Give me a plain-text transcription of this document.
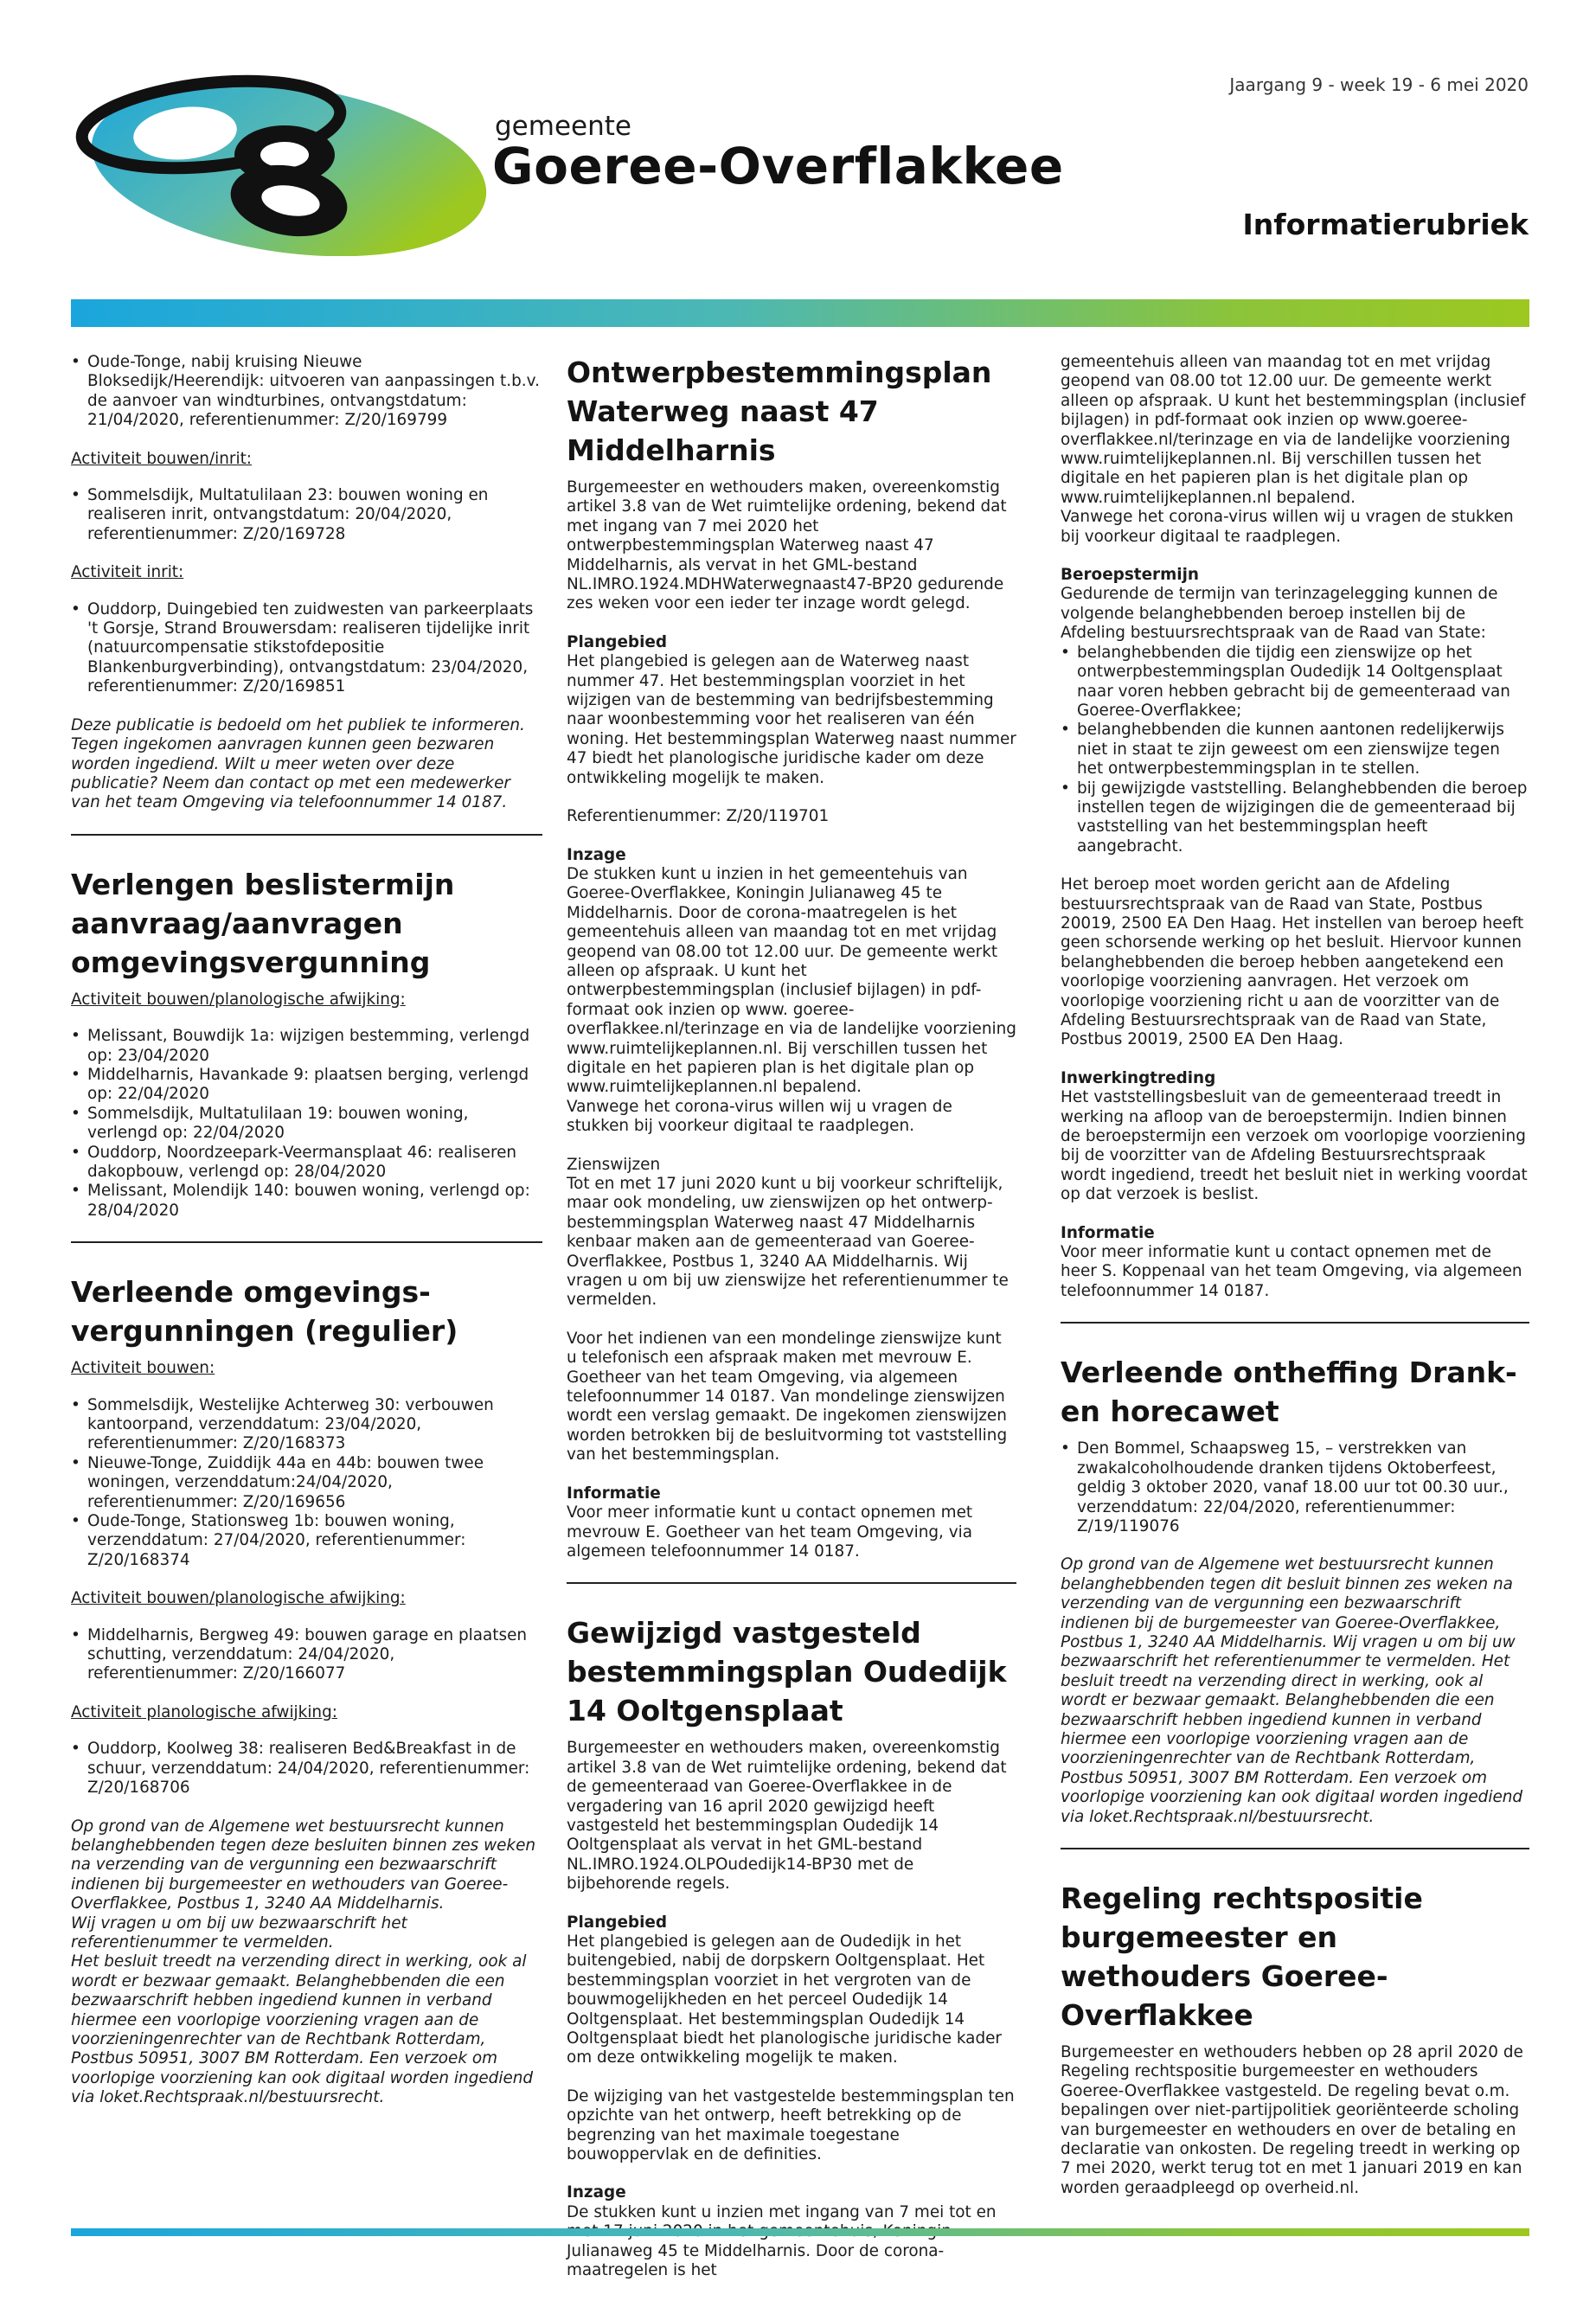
gemeente
Goeree-Overflakkee
Jaargang 9 - week 19 - 6 mei 2020
Informatierubriek
• Oude-Tonge, nabij kruising Nieuwe Bloksedijk/Heerendijk: uitvoeren van aanpassingen t.b.v. de aanvoer van windturbines, ontvangstdatum: 21/04/2020, referentienummer: Z/20/169799
Activiteit bouwen/inrit:
• Sommelsdijk, Multatulilaan 23: bouwen woning en realiseren inrit, ontvangstdatum: 20/04/2020, referentienummer: Z/20/169728
Activiteit inrit:
• Ouddorp, Duingebied ten zuidwesten van parkeerplaats 't Gorsje, Strand Brouwersdam: realiseren tijdelijke inrit (natuurcompensatie stikstofdepositie Blankenburgverbinding), ontvangstdatum: 23/04/2020, referentienummer: Z/20/169851

Deze publicatie is bedoeld om het publiek te informeren. Tegen ingekomen aanvragen kunnen geen bezwaren worden ingediend. Wilt u meer weten over deze publicatie? Neem dan contact op met een medewerker van het team Omgeving via telefoonnummer 14 0187.

Verlengen beslistermijn aanvraag/aanvragen omgevingsvergunning
Activiteit bouwen/planologische afwijking:
• Melissant, Bouwdijk 1a: wijzigen bestemming, verlengd op: 23/04/2020
• Middelharnis, Havankade 9: plaatsen berging, verlengd op: 22/04/2020
• Sommelsdijk, Multatulilaan 19: bouwen woning, verlengd op: 22/04/2020
• Ouddorp, Noordzeepark-Veermansplaat 46: realiseren dakopbouw, verlengd op: 28/04/2020
• Melissant, Molendijk 140: bouwen woning, verlengd op: 28/04/2020
Verleende omgevingsvergunningen (regulier)
Activiteit bouwen:
• Sommelsdijk, Westelijke Achterweg 30: verbouwen kantoorpand, verzenddatum: 23/04/2020, referentienummer: Z/20/168373
• Nieuwe-Tonge, Zuiddijk 44a en 44b: bouwen twee woningen, verzenddatum:24/04/2020, referentienummer: Z/20/169656
• Oude-Tonge, Stationsweg 1b: bouwen woning, verzenddatum: 27/04/2020, referentienummer: Z/20/168374
Activiteit bouwen/planologische afwijking:
• Middelharnis, Bergweg 49: bouwen garage en plaatsen schutting, verzenddatum: 24/04/2020, referentienummer: Z/20/166077
Activiteit planologische afwijking:
• Ouddorp, Koolweg 38: realiseren Bed&Breakfast in de schuur, verzenddatum: 24/04/2020, referentienummer: Z/20/168706

Op grond van de Algemene wet bestuursrecht kunnen belanghebbenden tegen deze besluiten binnen zes weken na verzending van de vergunning een bezwaarschrift indienen bij burgemeester en wethouders van Goeree-Overflakkee, Postbus 1, 3240 AA Middelharnis.

Wij vragen u om bij uw bezwaarschrift het referentienummer te vermelden.

Het besluit treedt na verzending direct in werking, ook al wordt er bezwaar gemaakt. Belanghebbenden die een bezwaarschrift hebben ingediend kunnen in verband hiermee een voorlopige voorziening vragen aan de voorzieningenrechter van de Rechtbank Rotterdam, Postbus 50951, 3007 BM Rotterdam. Een verzoek om voorlopige voorziening kan ook digitaal worden ingediend via loket.Rechtspraak.nl/bestuursrecht.

Ontwerpbestemmingsplan Waterweg naast 47 Middelharnis

Burgemeester en wethouders maken, overeenkomstig artikel 3.8 van de Wet ruimtelijke ordening, bekend dat met ingang van 7 mei 2020 het ontwerpbestemmingsplan Waterweg naast 47 Middelharnis, als vervat in het GML-bestand NL.IMRO.1924.MDHWaterwegnaast47-BP20 gedurende zes weken voor een ieder ter inzage wordt gelegd.

Plangebied

Het plangebied is gelegen aan de Waterweg naast nummer 47. Het bestemmingsplan voorziet in het wijzigen van de bestemming van bedrijfsbestemming naar woonbestemming voor het realiseren van één woning. Het bestemmingsplan Waterweg naast nummer 47 biedt het planologische juridische kader om deze ontwikkeling mogelijk te maken.

Referentienummer: Z/20/119701

Inzage

De stukken kunt u inzien in het gemeentehuis van Goeree-Overflakkee, Koningin Julianaweg 45 te Middelharnis. Door de corona-maatregelen is het gemeentehuis alleen van maandag tot en met vrijdag geopend van 08.00 tot 12.00 uur. De gemeente werkt alleen op afspraak. U kunt het ontwerpbestemmingsplan (inclusief bijlagen) in pdf-formaat ook inzien op www. goeree-overflakkee.nl/terinzage en via de landelijke voorziening www.ruimtelijkeplannen.nl. Bij verschillen tussen het digitale en het papieren plan is het digitale plan op www.ruimtelijkeplannen.nl bepalend.

Vanwege het corona-virus willen wij u vragen de stukken bij voorkeur digitaal te raadplegen.

Zienswijzen

Tot en met 17 juni 2020 kunt u bij voorkeur schriftelijk, maar ook mondeling, uw zienswijzen op het ontwerp-bestemmingsplan Waterweg naast 47 Middelharnis kenbaar maken aan de gemeenteraad van Goeree-Overflakkee, Postbus 1, 3240 AA Middelharnis. Wij vragen u om bij uw zienswijze het referentienummer te vermelden.

Voor het indienen van een mondelinge zienswijze kunt u telefonisch een afspraak maken met mevrouw E. Goetheer van het team Omgeving, via algemeen telefoonnummer 14 0187. Van mondelinge zienswijzen wordt een verslag gemaakt. De ingekomen zienswijzen worden betrokken bij de besluitvorming tot vaststelling van het bestemmingsplan.

Informatie

Voor meer informatie kunt u contact opnemen met mevrouw E. Goetheer van het team Omgeving, via algemeen telefoonnummer 14 0187.

Gewijzigd vastgesteld bestemmingsplan Oudedijk 14 Ooltgensplaat

Burgemeester en wethouders maken, overeenkomstig artikel 3.8 van de Wet ruimtelijke ordening, bekend dat de gemeenteraad van Goeree-Overflakkee in de vergadering van 16 april 2020 gewijzigd heeft vastgesteld het bestemmingsplan Oudedijk 14 Ooltgensplaat als vervat in het GML-bestand NL.IMRO.1924.OLPOudedijk14-BP30 met de bijbehorende regels.

Plangebied

Het plangebied is gelegen aan de Oudedijk in het buitengebied, nabij de dorpskern Ooltgensplaat. Het bestemmingsplan voorziet in het vergroten van de bouwmogelijkheden en het perceel Oudedijk 14 Ooltgensplaat. Het bestemmingsplan Oudedijk 14 Ooltgensplaat biedt het planologische juridische kader om deze ontwikkeling mogelijk te maken.

De wijziging van het vastgestelde bestemmingsplan ten opzichte van het ontwerp, heeft betrekking op de begrenzing van het maximale toegestane bouwoppervlak en de definities.

Inzage

De stukken kunt u inzien met ingang van 7 mei tot en Julianaweg 45 te Middelharnis. Door de corona-maatregelen is het

gemeentehuis alleen van maandag tot en met vrijdag geopend van 08.00 tot 12.00 uur. De gemeente werkt alleen op afspraak. U kunt het bestemmingsplan (inclusief bijlagen) in pdf-formaat ook inzien op www.goeree-overflakkee.nl/terinzage en via de landelijke voorziening www.ruimtelijkeplannen.nl. Bij verschillen tussen het digitale en het papieren plan is het digitale plan op www.ruimtelijkeplannen.nl bepalend.

Vanwege het corona-virus willen wij u vragen de stukken bij voorkeur digitaal te raadplegen.

Beroepstermijn

Gedurende de termijn van terinzagelegging kunnen de volgende belanghebbenden beroep instellen bij de Afdeling bestuursrechtspraak van de Raad van State:

• belanghebbenden die tijdig een zienswijze op het ontwerpbestemmingsplan Oudedijk 14 Ooltgensplaat naar voren hebben gebracht bij de gemeenteraad van Goeree-Overflakkee;
• belanghebbenden die kunnen aantonen redelijkerwijs niet in staat te zijn geweest om een zienswijze tegen het ontwerpbestemmingsplan in te stellen.
• bij gewijzigde vaststelling. Belanghebbenden die beroep instellen tegen de wijzigingen die de gemeenteraad bij vaststelling van het bestemmingsplan heeft aangebracht.

Het beroep moet worden gericht aan de Afdeling bestuursrechtspraak van de Raad van State, Postbus 20019, 2500 EA Den Haag. Het instellen van beroep heeft geen schorsende werking op het besluit. Hiervoor kunnen belanghebbenden die beroep hebben aangetekend een voorlopige voorziening aanvragen. Het verzoek om voorlopige voorziening richt u aan de voorzitter van de Afdeling Bestuursrechtspraak van de Raad van State, Postbus 20019, 2500 EA Den Haag.

Inwerkingtreding

Het vaststellingsbesluit van de gemeenteraad treedt in werking na afloop van de beroepstermijn. Indien binnen de beroepstermijn een verzoek om voorlopige voorziening bij de voorzitter van de Afdeling Bestuursrechtspraak wordt ingediend, treedt het besluit niet in werking voordat op dat verzoek is beslist.

Informatie

Voor meer informatie kunt u contact opnemen met de heer S. Koppenaal van het team Omgeving, via algemeen telefoonnummer 14 0187.

Verleende ontheffing Drank- en horecawet
• Den Bommel, Schaapsweg 15, – verstrekken van zwakalcoholhoudende dranken tijdens Oktoberfeest, geldig 3 oktober 2020, vanaf 18.00 uur tot 00.30 uur., verzenddatum: 22/04/2020, referentienummer: Z/19/119076

Op grond van de Algemene wet bestuursrecht kunnen belanghebbenden tegen dit besluit binnen zes weken na verzending van de vergunning een bezwaarschrift indienen bij de burgemeester van Goeree-Overflakkee, Postbus 1, 3240 AA Middelharnis. Wij vragen u om bij uw bezwaarschrift het referentienummer te vermelden. Het besluit treedt na verzending direct in werking, ook al wordt er bezwaar gemaakt. Belanghebbenden die een bezwaarschrift hebben ingediend kunnen in verband hiermee een voorlopige voorziening vragen aan de voorzieningenrechter van de Rechtbank Rotterdam, Postbus 50951, 3007 BM Rotterdam. Een verzoek om voorlopige voorziening kan ook digitaal worden ingediend via loket.Rechtspraak.nl/bestuursrecht.

Regeling rechtspositie burgemeester en wethouders Goeree-Overflakkee

Burgemeester en wethouders hebben op 28 april 2020 de Regeling rechtspositie burgemeester en wethouders Goeree-Overflakkee vastgesteld. De regeling bevat o.m. bepalingen over niet-partijpolitiek georiënteerde scholing van burgemeester en wethouders en over de betaling en declaratie van onkosten. De regeling treedt in werking op 7 mei 2020, werkt terug tot en met 1 januari 2019 en kan worden geraadpleegd op overheid.nl.
